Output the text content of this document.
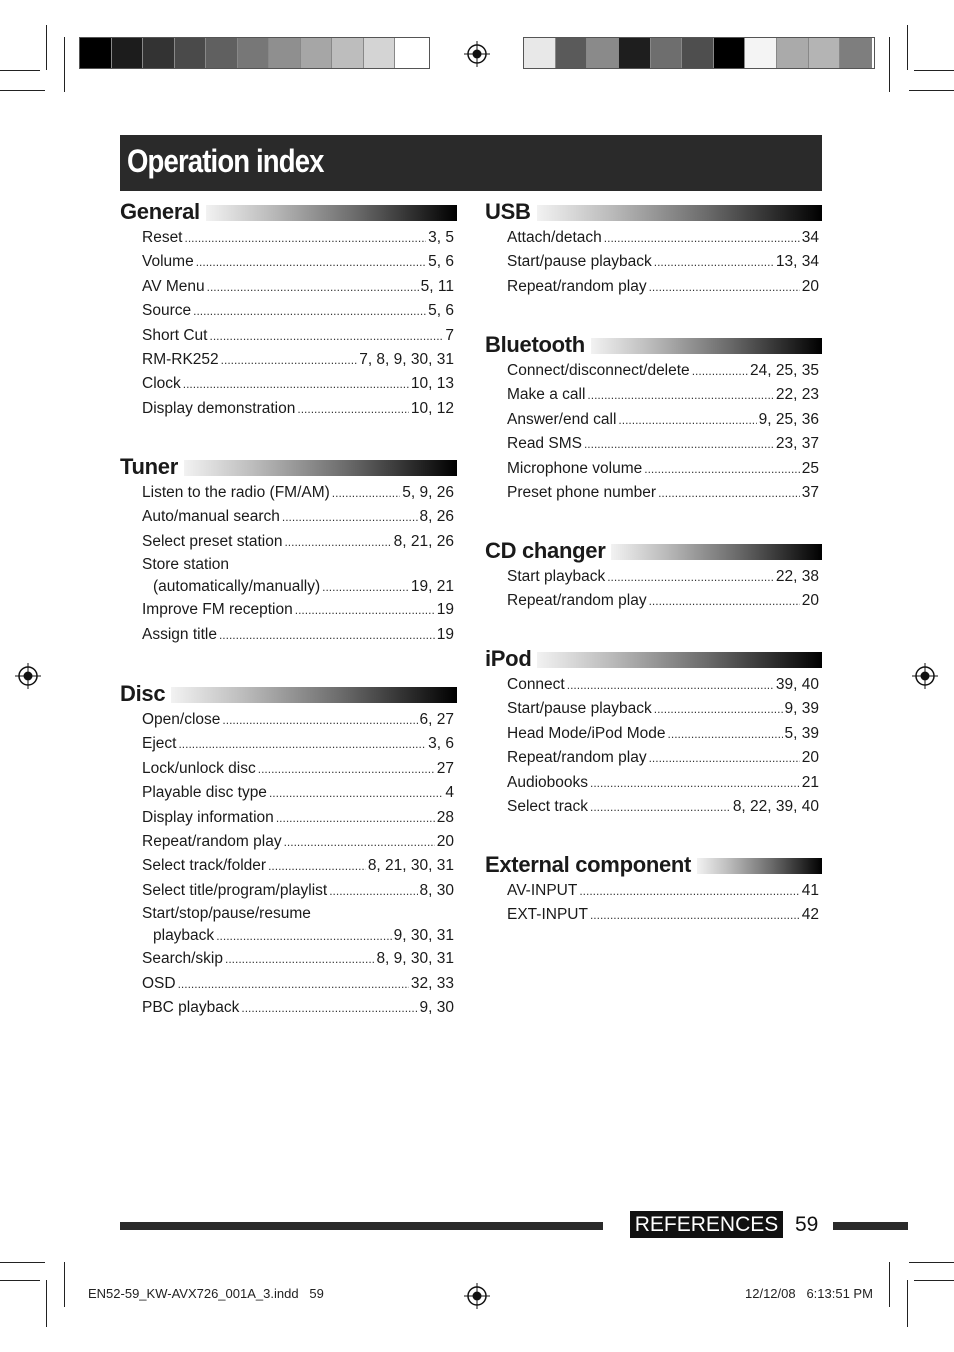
Operation index
General
Reset .....	3, 5
Volume .....	5, 6
AV Menu .....	5, 11
Source .....	5, 6
Short Cut .....	7
RM-RK252 .....	7, 8, 9, 30, 31
Clock .....	10, 13
Display demonstration .....	10, 12
Tuner
Listen to the radio (FM/AM) .....	5, 9, 26
Auto/manual search .....	8, 26
Select preset station .....	8, 21, 26
Store station
(automatically/manually) .....	19, 21
Improve FM reception .....	19
Assign title .....	19
Disc
Open/close .....	6, 27
Eject .....	3, 6
Lock/unlock disc .....	27
Playable disc type .....	4
Display information .....	28
Repeat/random play .....	20
Select track/folder .....	8, 21, 30, 31
Select title/program/playlist .....	8, 30
Start/stop/pause/resume
playback .....	9, 30, 31
Search/skip .....	8, 9, 30, 31
OSD .....	32, 33
PBC playback .....	9, 30
USB
Attach/detach .....	34
Start/pause playback .....	13, 34
Repeat/random play .....	20
Bluetooth
Connect/disconnect/delete .....	24, 25, 35
Make a call .....	22, 23
Answer/end call .....	9, 25, 36
Read SMS .....	23, 37
Microphone volume .....	25
Preset phone number .....	37
CD changer
Start playback .....	22, 38
Repeat/random play .....	20
iPod
Connect .....	39, 40
Start/pause playback .....	9, 39
Head Mode/iPod Mode .....	5, 39
Repeat/random play .....	20
Audiobooks .....	21
Select track .....	8, 22, 39, 40
External component
AV-INPUT .....	41
EXT-INPUT .....	42
REFERENCES 59
EN52-59_KW-AVX726_001A_3.indd   59	12/12/08   6:13:51 PM
